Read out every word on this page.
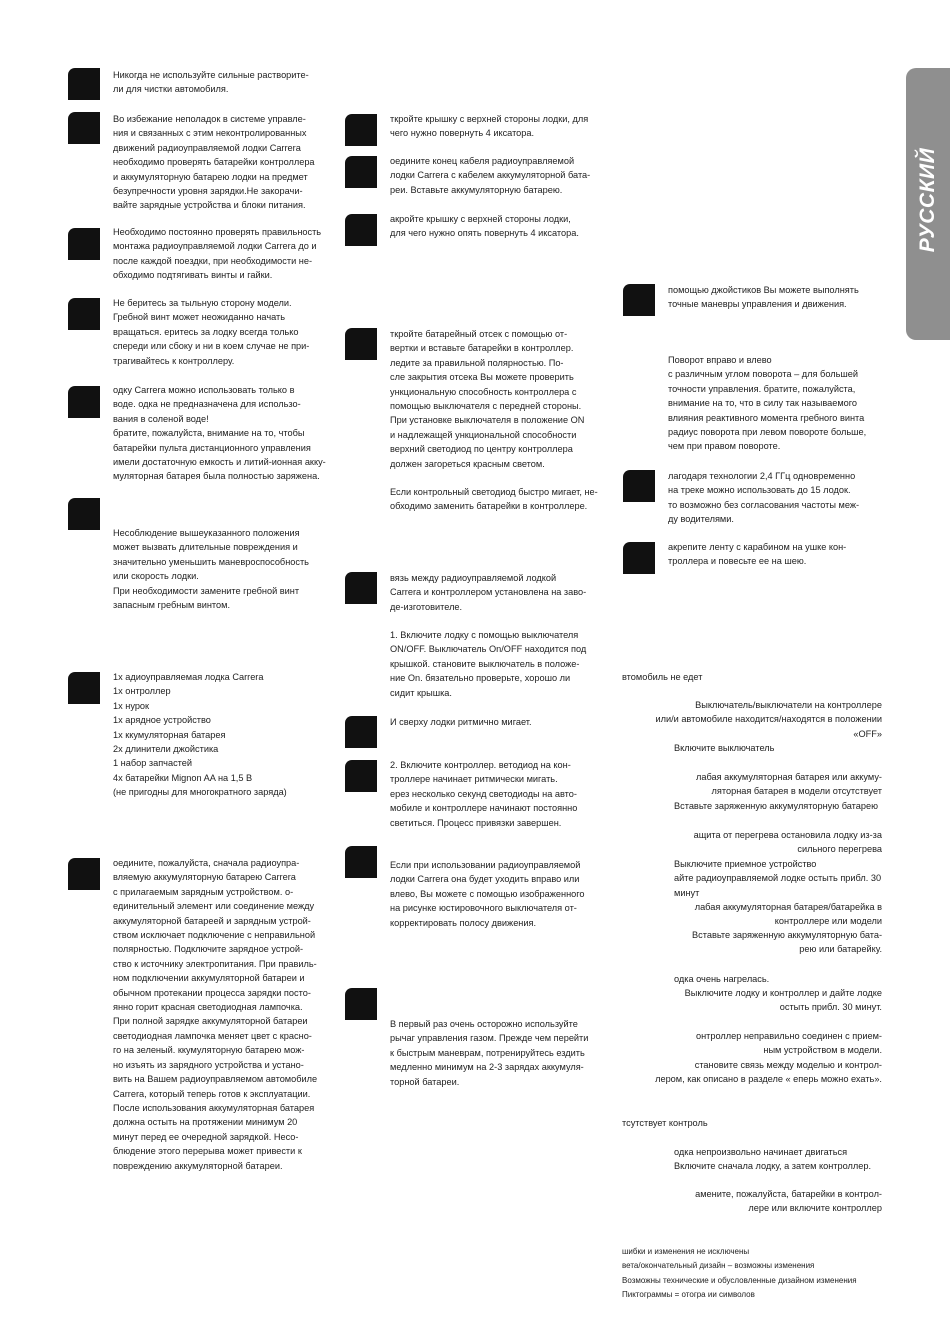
РУССКИЙ
Никогда не используйте сильные растворите-
ли для чистки автомобиля.
Во избежание неполадок в системе управле-
ния и связанных с этим неконтролированных
движений радиоуправляемой лодки Carrera
необходимо проверять батарейки контроллера
и аккумуляторную батарею лодки на предмет
безупречности уровня зарядки.Не закорачи-
вайте зарядные устройства и блоки питания.
Необходимо постоянно проверять правильность
монтажа радиоуправляемой лодки Carrera до и
после каждой поездки, при необходимости не-
обходимо подтягивать винты и гайки.
Не беритесь за тыльную сторону модели.
Гребной винт может неожиданно начать
вращаться. еритесь за лодку всегда только
спереди или сбоку и ни в коем случае не при-
трагивайтесь к контроллеру.
одку Carrera можно использовать только в
воде. одка не предназначена для использо-
вания в соленой воде!
братите, пожалуйста, внимание на то, чтобы
батарейки пульта дистанционного управления
имели достаточную емкость и литий-ионная акку-
муляторная батарея была полностью заряжена.
Несоблюдение вышеуказанного положения
может вызвать длительные повреждения и
значительно уменьшить маневроспособность
или скорость лодки.
При необходимости замените гребной винт
запасным гребным винтом.
1х адиоуправляемая лодка Carrera
1х онтроллер
1х нурок
1х арядное устройство
1х ккумуляторная батарея
2х длинители джойстика
1 набор запчастей
4х батарейки Mignon AA на 1,5 В
(не пригодны для многократного заряда)
оедините, пожалуйста, сначала радиоупра-
вляемую аккумуляторную батарею Carrera
с прилагаемым зарядным устройством. о-
единительный элемент или соединение между
аккумуляторной батареей и зарядным устрой-
ством исключает подключение с неправильной
полярностью. Подключите зарядное устрой-
ство к источнику электропитания. При правиль-
ном подключении аккумуляторной батареи и
обычном протекании процесса зарядки посто-
янно горит красная светодиодная лампочка.
При полной зарядке аккумуляторной батареи
светодиодная лампочка меняет цвет с красно-
го на зеленый. ккумуляторную батарею мож-
но изъять из зарядного устройства и устано-
вить на Вашем радиоуправляемом автомобиле
Carrera, который теперь готов к эксплуатации.
После использования аккумуляторная батарея
должна остыть на протяжении минимум 20
минут перед ее очередной зарядкой. Несо-
блюдение этого перерыва может привести к
повреждению аккумуляторной батареи.
ткройте крышку с верхней стороны лодки, для
чего нужно повернуть 4 иксатора.
оедините конец кабеля радиоуправляемой
лодки Carrera с кабелем аккумуляторной бата-
реи. Вставьте аккумуляторную батарею.
акройте крышку с верхней стороны лодки,
для чего нужно опять повернуть 4 иксатора.
ткройте батарейный отсек с помощью от-
вертки и вставьте батарейки в контроллер.
ледите за правильной полярностью. По-
сле закрытия отсека Вы можете проверить
ункциональную способность контроллера с
помощью выключателя с передней стороны.
При установке выключателя в положение ON
и надлежащей ункциональной способности
верхний светодиод по центру контроллера
должен загореться красным светом.
Если контрольный светодиод быстро мигает, не-
обходимо заменить батарейки в контроллере.
вязь между радиоуправляемой лодкой
Carrera и контроллером установлена на заво-
де-изготовителе.
1. Включите лодку с помощью выключателя
ON/OFF. Выключатель On/OFF находится под
крышкой. становите выключатель в положе-
ние On. бязательно проверьте, хорошо ли
сидит крышка.
И сверху лодки ритмично мигает.
2. Включите контроллер. ветодиод на кон-
троллере начинает ритмически мигать.
ерез несколько секунд светодиоды на авто-
мобиле и контроллере начинают постоянно
светиться. Процесс привязки завершен.
Если при использовании радиоуправляемой
лодки Carrera она будет уходить вправо или
влево, Вы можете с помощью изображенного
на рисунке юстировочного выключателя от-
корректировать полосу движения.
В первый раз очень осторожно используйте
рычаг управления газом. Прежде чем перейти
к быстрым маневрам, потренируйтесь ездить
медленно минимум на 2-3 зарядах аккумуля-
торной батареи.
помощью джойстиков Вы можете выполнять
точные маневры управления и движения.
Поворот вправо и влево
с различным углом поворота – для большей
точности управления. братите, пожалуйста,
внимание на то, что в силу так называемого
влияния реактивного момента гребного винта
радиус поворота при левом повороте больше,
чем при правом повороте.
лагодаря технологии 2,4 ГГц одновременно
на треке можно использовать до 15 лодок.
то возможно без согласования частоты меж-
ду водителями.
акрепите ленту с карабином на ушке кон-
троллера и повесьте ее на шею.
втомобиль не едет
Выключатель/выключатели на контроллере
или/и автомобиле находится/находятся в положении
«OFF»
Включите выключатель
лабая аккумуляторная батарея или аккуму-
ляторная батарея в модели отсутствует
Вставьте заряженную аккумуляторную батарею
ащита от перегрева остановила лодку из-за
сильного перегрева
Выключите приемное устройство
айте радиоуправляемой лодке остыть прибл. 30 минут
лабая аккумуляторная батарея/батарейка в
контроллере или модели
Вставьте заряженную аккумуляторную бата-
рею или батарейку.
одка очень нагрелась.
Выключите лодку и контроллер и дайте лодке
остыть прибл. 30 минут.
онтроллер неправильно соединен с прием-
ным устройством в модели.
становите связь между моделью и контрол-
лером, как описано в разделе « еперь можно ехать».
тсутствует контроль
одка непроизвольно начинает двигаться
Включите сначала лодку, а затем контроллер.
амените, пожалуйста, батарейки в контрол-
лере или включите контроллер
шибки и изменения не исключены
вета/окончательный дизайн – возможны изменения
Возможны технические и обусловленные дизайном изменения
Пиктограммы = отогра ии символов
